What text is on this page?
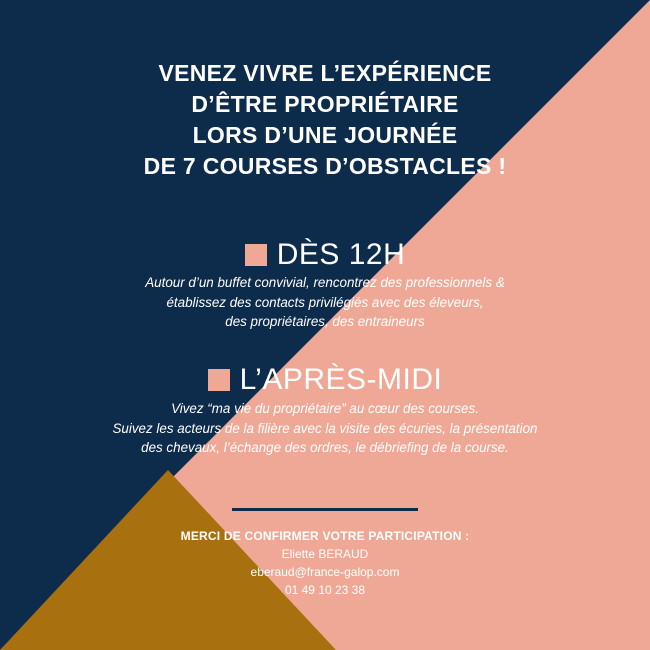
VENEZ VIVRE L’EXPÉRIENCE
D’ÊTRE PROPRIÉTAIRE
LORS D’UNE JOURNÉE
DE 7 COURSES D’OBSTACLES !
DÈS 12H
Autour d’un buffet convivial, rencontrez des professionnels &
établissez des contacts privilégiés avec des éleveurs,
des propriétaires, des entraineurs
L’APRÈS-MIDI
Vivez “ma vie du propriétaire” au cœur des courses.
Suivez les acteurs de la filière avec la visite des écuries, la présentation
des chevaux, l’échange des ordres, le débriefing de la course.
MERCI DE CONFIRMER VOTRE PARTICIPATION :
Eliette BERAUD
eberaud@france-galop.com
01 49 10 23 38
